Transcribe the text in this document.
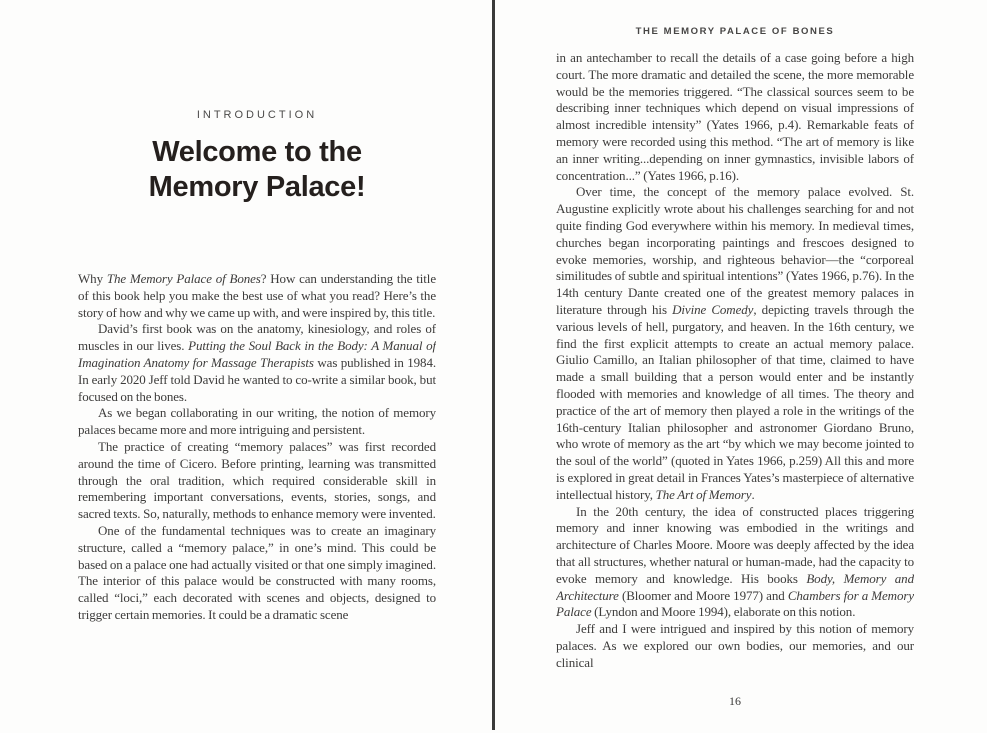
INTRODUCTION
Welcome to the
Memory Palace!

Why The Memory Palace of Bones? How can understanding the title of this book help you make the best use of what you read? Here’s the story of how and why we came up with, and were inspired by, this title.

David’s first book was on the anatomy, kinesiology, and roles of muscles in our lives. Putting the Soul Back in the Body: A Manual of Imagination Anatomy for Massage Therapists was published in 1984. In early 2020 Jeff told David he wanted to co-write a similar book, but focused on the bones.

As we began collaborating in our writing, the notion of memory palaces became more and more intriguing and persistent.

The practice of creating “memory palaces” was first recorded around the time of Cicero. Before printing, learning was transmitted through the oral tradition, which required considerable skill in remembering important conversations, events, stories, songs, and sacred texts. So, naturally, methods to enhance memory were invented.

One of the fundamental techniques was to create an imaginary structure, called a “memory palace,” in one’s mind. This could be based on a palace one had actually visited or that one simply imagined. The interior of this palace would be constructed with many rooms, called “loci,” each decorated with scenes and objects, designed to trigger certain memories. It could be a dramatic scene

THE MEMORY PALACE OF BONES

in an antechamber to recall the details of a case going before a high court. The more dramatic and detailed the scene, the more memorable would be the memories triggered. “The classical sources seem to be describing inner techniques which depend on visual impressions of almost incredible intensity” (Yates 1966, p.4). Remarkable feats of memory were recorded using this method. “The art of memory is like an inner writing...depending on inner gymnastics, invisible labors of concentration...” (Yates 1966, p.16).

Over time, the concept of the memory palace evolved. St. Augustine explicitly wrote about his challenges searching for and not quite finding God everywhere within his memory. In medieval times, churches began incorporating paintings and frescoes designed to evoke memories, worship, and righteous behavior—the “corporeal similitudes of subtle and spiritual intentions” (Yates 1966, p.76). In the 14th century Dante created one of the greatest memory palaces in literature through his Divine Comedy, depicting travels through the various levels of hell, purgatory, and heaven. In the 16th century, we find the first explicit attempts to create an actual memory palace. Giulio Camillo, an Italian philosopher of that time, claimed to have made a small building that a person would enter and be instantly flooded with memories and knowledge of all times. The theory and practice of the art of memory then played a role in the writings of the 16th-century Italian philosopher and astronomer Giordano Bruno, who wrote of memory as the art “by which we may become jointed to the soul of the world” (quoted in Yates 1966, p.259) All this and more is explored in great detail in Frances Yates’s masterpiece of alternative intellectual history, The Art of Memory.

In the 20th century, the idea of constructed places triggering memory and inner knowing was embodied in the writings and architecture of Charles Moore. Moore was deeply affected by the idea that all structures, whether natural or human-made, had the capacity to evoke memory and knowledge. His books Body, Memory and Architecture (Bloomer and Moore 1977) and Chambers for a Memory Palace (Lyndon and Moore 1994), elaborate on this notion.

Jeff and I were intrigued and inspired by this notion of memory palaces. As we explored our own bodies, our memories, and our clinical

16
